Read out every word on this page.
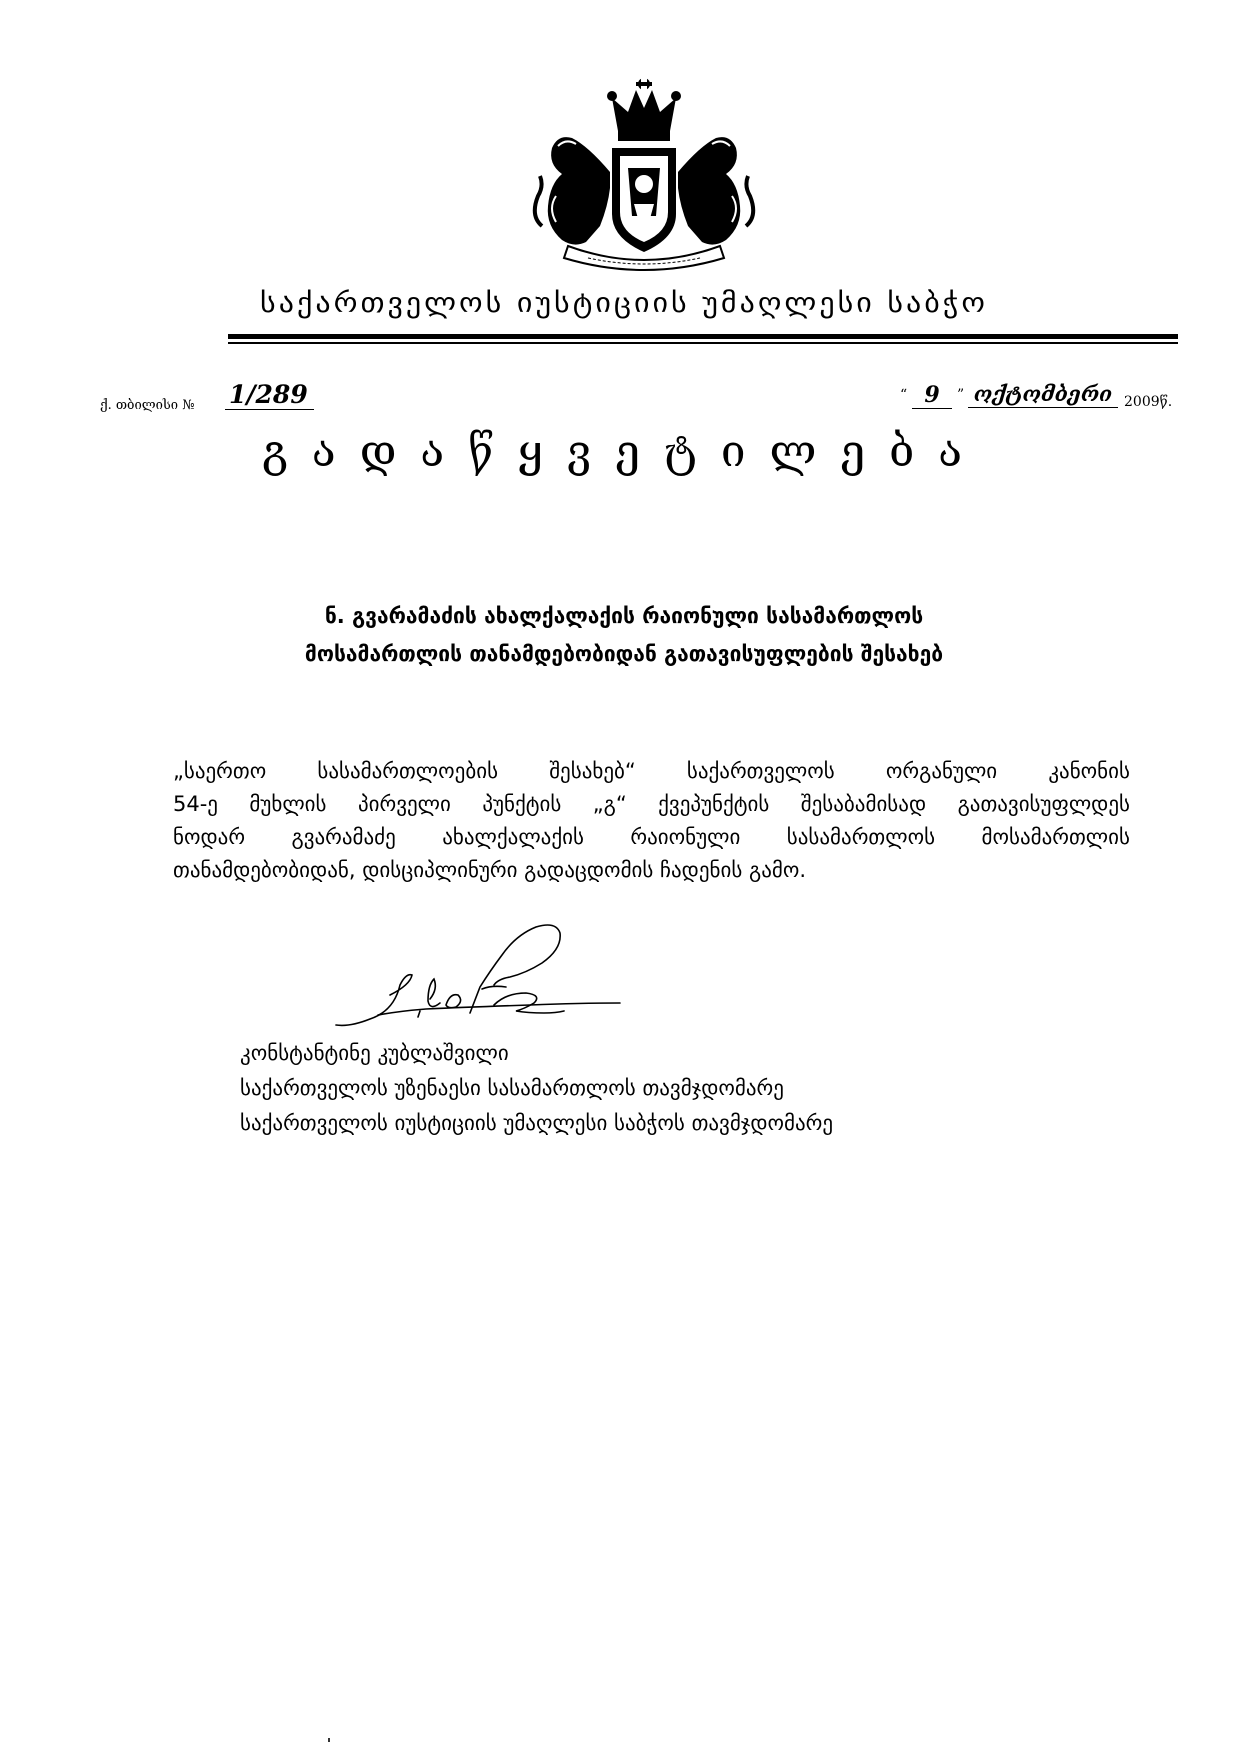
საქართველოს იუსტიციის უმაღლესი საბჭო
ქ. თბილისი № 1/289	“ 9	” ოქტომბერი 2009წ.
გადაწყვეტილება
ნ. გვარამაძის ახალქალაქის რაიონული სასამართლოს
მოსამართლის თანამდებობიდან გათავისუფლების შესახებ
„საერთო სასამართლოების შესახებ“ საქართველოს ორგანული კანონის
54-ე მუხლის პირველი პუნქტის „გ“ ქვეპუნქტის შესაბამისად გათავისუფლდეს
ნოდარ გვარამაძე ახალქალაქის რაიონული სასამართლოს მოსამართლის
თანამდებობიდან, დისციპლინური გადაცდომის ჩადენის გამო.
კონსტანტინე კუბლაშვილი
საქართველოს უზენაესი სასამართლოს თავმჯდომარე
საქართველოს იუსტიციის უმაღლესი საბჭოს თავმჯდომარე
